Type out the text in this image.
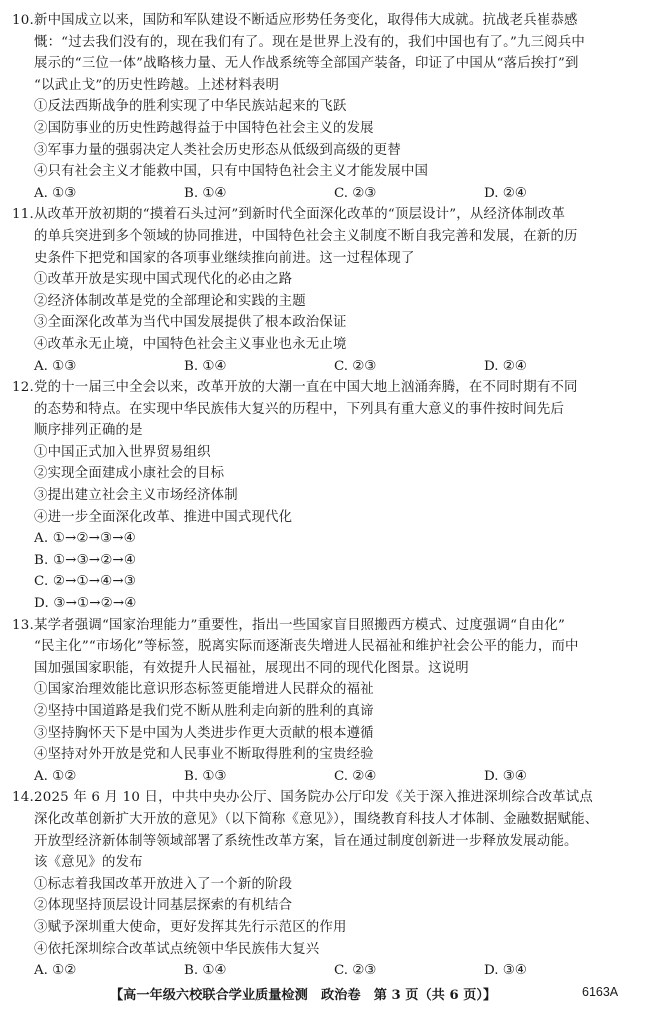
10.新中国成立以来，国防和军队建设不断适应形势任务变化，取得伟大成就。抗战老兵崔恭感
慨：“过去我们没有的，现在我们有了。现在是世界上没有的，我们中国也有了。”九三阅兵中
展示的“三位一体”战略核力量、无人作战系统等全部国产装备，印证了中国从“落后挨打”到
“以武止戈”的历史性跨越。上述材料表明
①反法西斯战争的胜利实现了中华民族站起来的飞跃
②国防事业的历史性跨越得益于中国特色社会主义的发展
③军事力量的强弱决定人类社会历史形态从低级到高级的更替
④只有社会主义才能救中国，只有中国特色社会主义才能发展中国
A. ①③	B. ①④	C. ②③	D. ②④
11.从改革开放初期的“摸着石头过河”到新时代全面深化改革的“顶层设计”，从经济体制改革
的单兵突进到多个领域的协同推进，中国特色社会主义制度不断自我完善和发展，在新的历
史条件下把党和国家的各项事业继续推向前进。这一过程体现了
①改革开放是实现中国式现代化的必由之路
②经济体制改革是党的全部理论和实践的主题
③全面深化改革为当代中国发展提供了根本政治保证
④改革永无止境，中国特色社会主义事业也永无止境
A. ①③	B. ①④	C. ②③	D. ②④
12.党的十一届三中全会以来，改革开放的大潮一直在中国大地上汹涌奔腾，在不同时期有不同
的态势和特点。在实现中华民族伟大复兴的历程中，下列具有重大意义的事件按时间先后
顺序排列正确的是
①中国正式加入世界贸易组织
②实现全面建成小康社会的目标
③提出建立社会主义市场经济体制
④进一步全面深化改革、推进中国式现代化
A. ①→②→③→④
B. ①→③→②→④
C. ②→①→④→③
D. ③→①→②→④
13.某学者强调“国家治理能力”重要性，指出一些国家盲目照搬西方模式、过度强调“自由化”
“民主化”“市场化”等标签，脱离实际而逐渐丧失增进人民福祉和维护社会公平的能力，而中
国加强国家职能，有效提升人民福祉，展现出不同的现代化图景。这说明
①国家治理效能比意识形态标签更能增进人民群众的福祉
②坚持中国道路是我们党不断从胜利走向新的胜利的真谛
③坚持胸怀天下是中国为人类进步作更大贡献的根本遵循
④坚持对外开放是党和人民事业不断取得胜利的宝贵经验
A. ①②	B. ①③	C. ②④	D. ③④
14.2025 年 6 月 10 日，中共中央办公厅、国务院办公厅印发《关于深入推进深圳综合改革试点
深化改革创新扩大开放的意见》（以下简称《意见》），围绕教育科技人才体制、金融数据赋能、
开放型经济新体制等领域部署了系统性改革方案，旨在通过制度创新进一步释放发展动能。
该《意见》的发布
①标志着我国改革开放进入了一个新的阶段
②体现坚持顶层设计同基层探索的有机结合
③赋予深圳重大使命，更好发挥其先行示范区的作用
④依托深圳综合改革试点统领中华民族伟大复兴
A. ①②	B. ①④	C. ②③	D. ③④
【高一年级六校联合学业质量检测　政治卷　第 3 页（共 6 页）】	6163A
